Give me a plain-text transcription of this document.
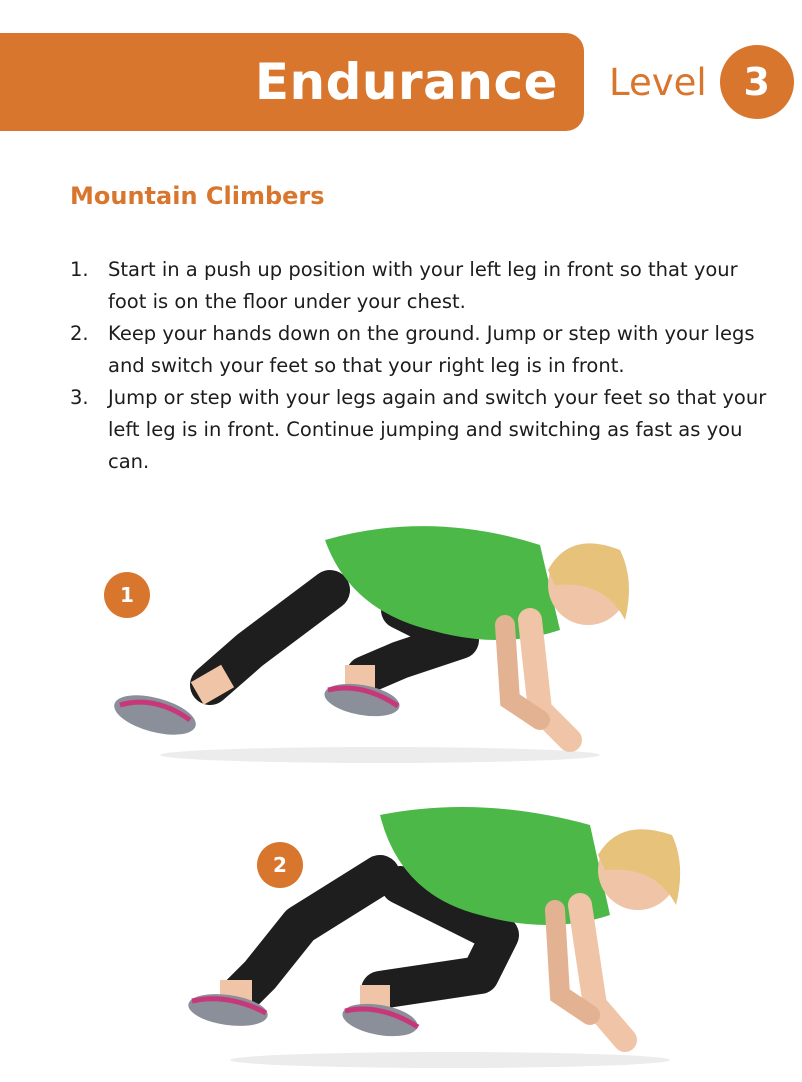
Endurance Level 3
Mountain Climbers
1. Start in a push up position with your left leg in front so that your foot is on the floor under your chest.
2. Keep your hands down on the ground. Jump or step with your legs and switch your feet so that your right leg is in front.
3. Jump or step with your legs again and switch your feet so that your left leg is in front. Continue jumping and switching as fast as you can.
1
2
